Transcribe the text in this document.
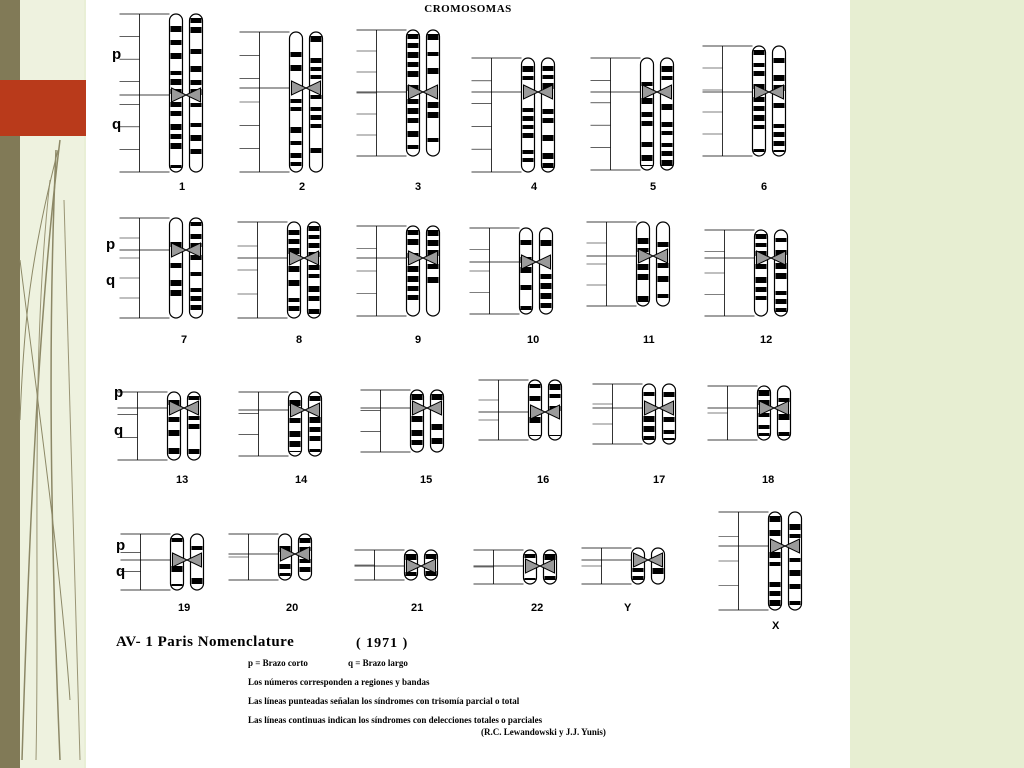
CROMOSOMAS
p
q
p
q
p
q
p
q
1	2	3	4	5	6
7	8	9	10	11	12
13	14	15	16	17	18
19	20	21	22	Y
X
AV- 1 Paris Nomenclature	( 1971 )
p = Brazo corto	q = Brazo largo
Los números corresponden a regiones y bandas
Las líneas punteadas señalan los síndromes con trisomía parcial o total
Las líneas continuas indican los síndromes con delecciones totales o parciales
(R.C. Lewandowski y J.J. Yunis)
